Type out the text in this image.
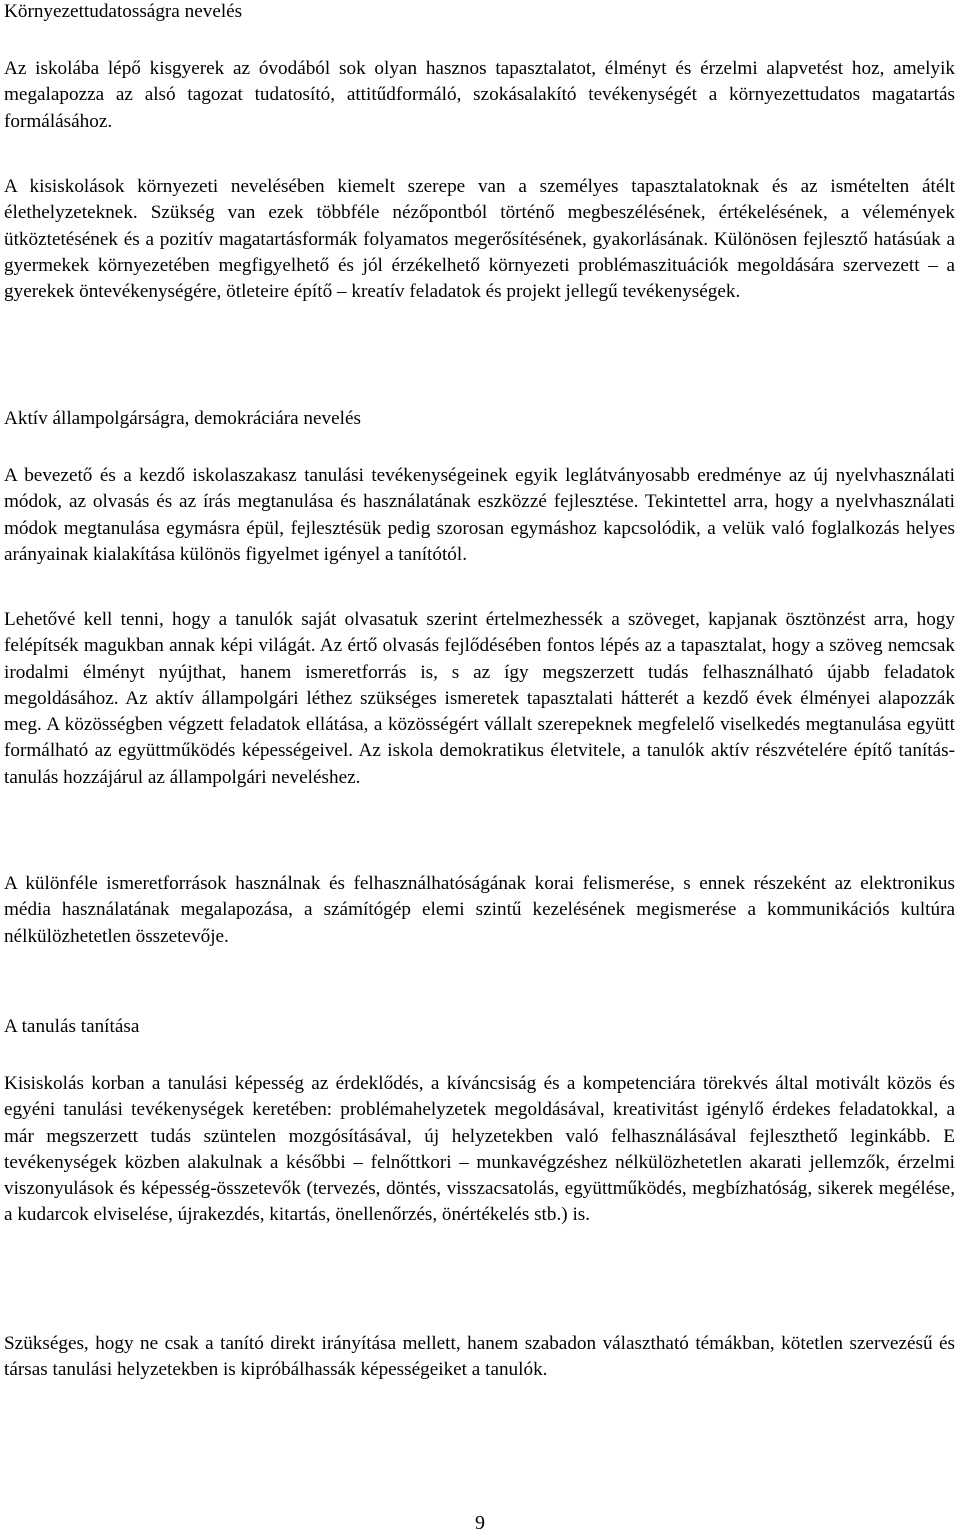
Környezettudatosságra nevelés

Az iskolába lépő kisgyerek az óvodából sok olyan hasznos tapasztalatot, élményt és érzelmi alapvetést hoz, amelyik megalapozza az alsó tagozat tudatosító, attitűdformáló, szokásalakító tevékenységét a környezettudatos magatartás formálásához.

A kisiskolások környezeti nevelésében kiemelt szerepe van a személyes tapasztalatoknak és az ismételten átélt élethelyzeteknek. Szükség van ezek többféle nézőpontból történő megbeszélésének, értékelésének, a vélemények ütköztetésének és a pozitív magatartásformák folyamatos megerősítésének, gyakorlásának. Különösen fejlesztő hatásúak a gyermekek környezetében megfigyelhető és jól érzékelhető környezeti problémaszituációk megoldására szervezett – a gyerekek öntevékenységére, ötleteire építő – kreatív feladatok és projekt jellegű tevékenységek.

Aktív állampolgárságra, demokráciára nevelés

A bevezető és a kezdő iskolaszakasz tanulási tevékenységeinek egyik leglátványosabb eredménye az új nyelvhasználati módok, az olvasás és az írás megtanulása és használatának eszközzé fejlesztése. Tekintettel arra, hogy a nyelvhasználati módok megtanulása egymásra épül, fejlesztésük pedig szorosan egymáshoz kapcsolódik, a velük való foglalkozás helyes arányainak kialakítása különös figyelmet igényel a tanítótól.

Lehetővé kell tenni, hogy a tanulók saját olvasatuk szerint értelmezhessék a szöveget, kapjanak ösztönzést arra, hogy felépítsék magukban annak képi világát. Az értő olvasás fejlődésében fontos lépés az a tapasztalat, hogy a szöveg nemcsak irodalmi élményt nyújthat, hanem ismeretforrás is, s az így megszerzett tudás felhasználható újabb feladatok megoldásához. Az aktív állampolgári léthez szükséges ismeretek tapasztalati hátterét a kezdő évek élményei alapozzák meg. A közösségben végzett feladatok ellátása, a közösségért vállalt szerepeknek megfelelő viselkedés megtanulása együtt formálható az együttműködés képességeivel. Az iskola demokratikus életvitele, a tanulók aktív részvételére építő tanítás-tanulás hozzájárul az állampolgári neveléshez.

A különféle ismeretforrások használnak és felhasználhatóságának korai felismerése, s ennek részeként az elektronikus média használatának megalapozása, a számítógép elemi szintű kezelésének megismerése a kommunikációs kultúra nélkülözhetetlen összetevője.

A tanulás tanítása

Kisiskolás korban a tanulási képesség az érdeklődés, a kíváncsiság és a kompetenciára törekvés által motivált közös és egyéni tanulási tevékenységek keretében: problémahelyzetek megoldásával, kreativitást igénylő érdekes feladatokkal, a már megszerzett tudás szüntelen mozgósításával, új helyzetekben való felhasználásával fejleszthető leginkább. E tevékenységek közben alakulnak a későbbi – felnőttkori – munkavégzéshez nélkülözhetetlen akarati jellemzők, érzelmi viszonyulások és képesség-összetevők (tervezés, döntés, visszacsatolás, együttműködés, megbízhatóság, sikerek megélése, a kudarcok elviselése, újrakezdés, kitartás, önellenőrzés, önértékelés stb.) is.

Szükséges, hogy ne csak a tanító direkt irányítása mellett, hanem szabadon választható témákban, kötetlen szervezésű és társas tanulási helyzetekben is kipróbálhassák képességeiket a tanulók.

9
